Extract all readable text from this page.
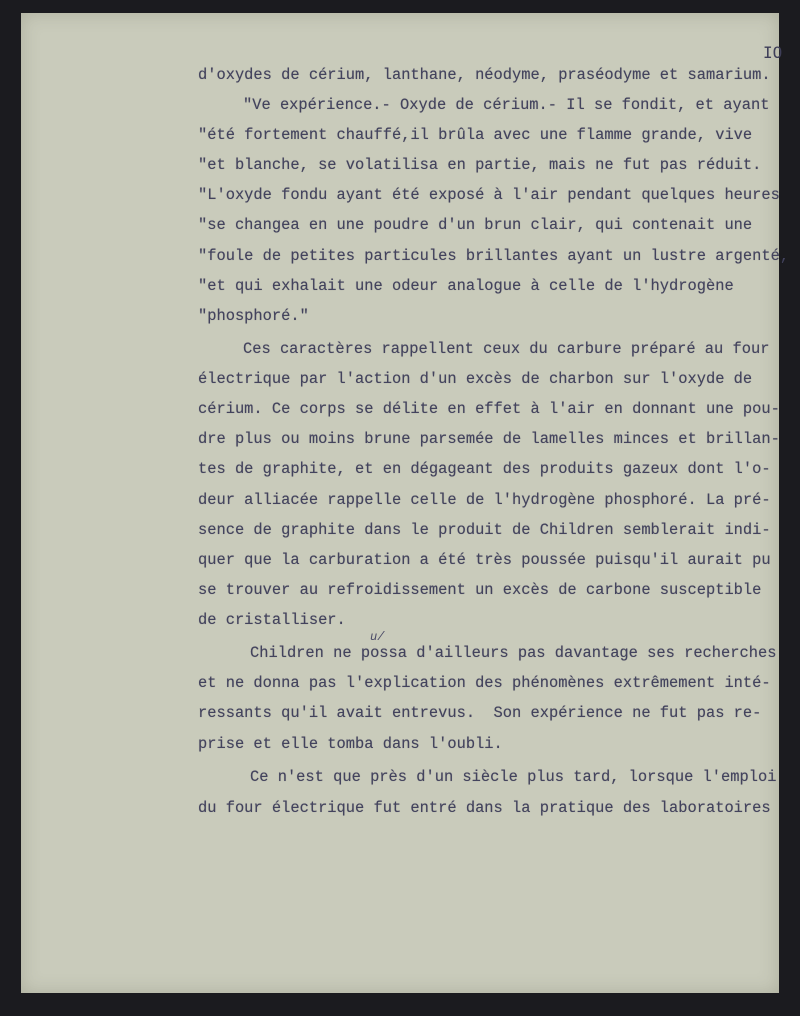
IO
d'oxydes de cérium, lanthane, néodyme, praséodyme et samarium.
"Ve expérience.- Oxyde de cérium.- Il se fondit, et ayant
"été fortement chauffé,il brûla avec une flamme grande, vive
"et blanche, se volatilisa en partie, mais ne fut pas réduit.
"L'oxyde fondu ayant été exposé à l'air pendant quelques heures
"se changea en une poudre d'un brun clair, qui contenait une
"foule de petites particules brillantes ayant un lustre argenté,
"et qui exhalait une odeur analogue à celle de l'hydrogène
"phosphoré."
Ces caractères rappellent ceux du carbure préparé au four
électrique par l'action d'un excès de charbon sur l'oxyde de
cérium. Ce corps se délite en effet à l'air en donnant une pou-
dre plus ou moins brune parsemée de lamelles minces et brillan-
tes de graphite, et en dégageant des produits gazeux dont l'o-
deur alliacée rappelle celle de l'hydrogène phosphoré. La pré-
sence de graphite dans le produit de Children semblerait indi-
quer que la carburation a été très poussée puisqu'il aurait pu
se trouver au refroidissement un excès de carbone susceptible
de cristalliser.
u/
Children ne possa d'ailleurs pas davantage ses recherches
et ne donna pas l'explication des phénomènes extrêmement inté-
ressants qu'il avait entrevus.  Son expérience ne fut pas re-
prise et elle tomba dans l'oubli.
Ce n'est que près d'un siècle plus tard, lorsque l'emploi
du four électrique fut entré dans la pratique des laboratoires
